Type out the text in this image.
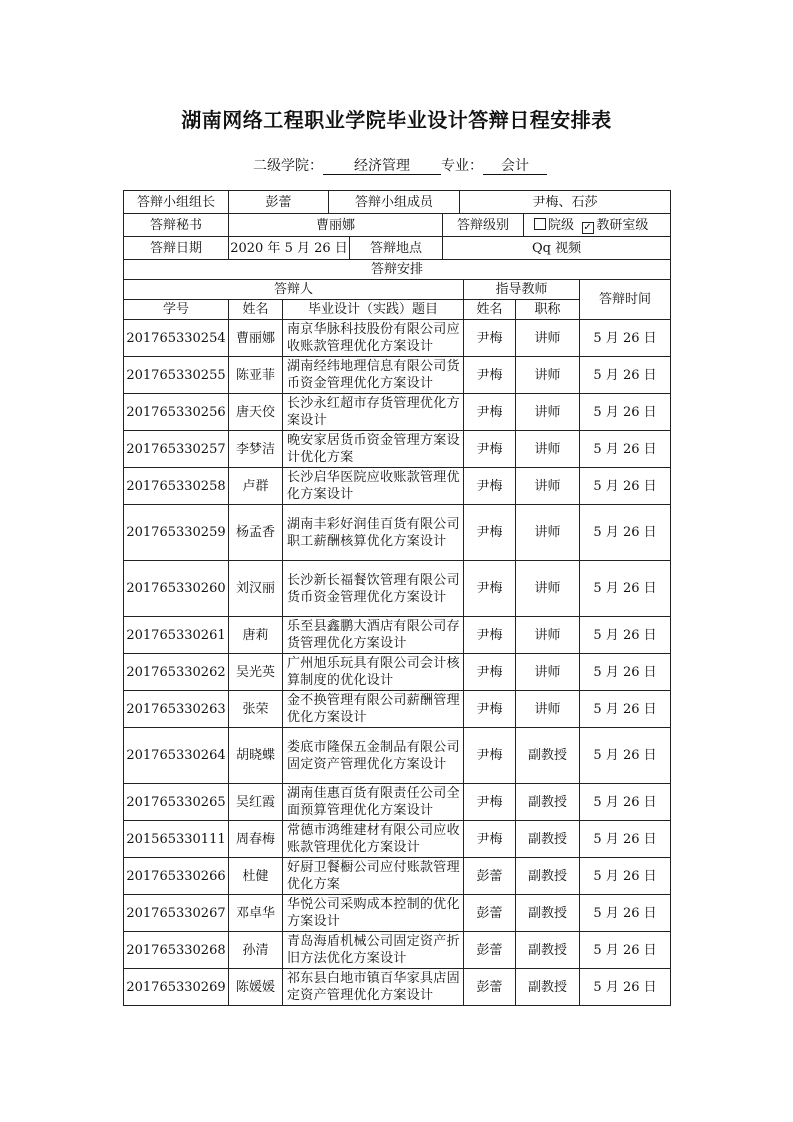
湖南网络工程职业学院毕业设计答辩日程安排表
二级学院： 经济管理 专业： 会计
答辩小组组长	彭蕾	答辩小组成员			尹梅、石莎	
答辩秘书	曹丽娜			答辩级别		院级 ✓ 教研室级
答辩日期	2020 年 5 月 26 日		答辩地点	Qq 视频		
答辩安排					
答辩人			指导教师		答辩时间
学号	姓名	毕业设计（实践）题目	姓名	职称	
201765330254	曹丽娜	南京华脉科技股份有限公司应收账款管理优化方案设计	尹梅	讲师	5 月 26 日
201765330255	陈亚菲	湖南经纬地理信息有限公司货币资金管理优化方案设计	尹梅	讲师	5 月 26 日
201765330256	唐天佼	长沙永红超市存货管理优化方案设计	尹梅	讲师	5 月 26 日
201765330257	李梦洁	晚安家居货币资金管理方案设计优化方案	尹梅	讲师	5 月 26 日
201765330258	卢群	长沙启华医院应收账款管理优化方案设计	尹梅	讲师	5 月 26 日
201765330259	杨孟香	湖南丰彩好润佳百货有限公司职工薪酬核算优化方案设计	尹梅	讲师	5 月 26 日
201765330260	刘汉丽	长沙新长福餐饮管理有限公司货币资金管理优化方案设计	尹梅	讲师	5 月 26 日
201765330261	唐莉	乐至县鑫鹏大酒店有限公司存货管理优化方案设计	尹梅	讲师	5 月 26 日
201765330262	吴光英	广州旭乐玩具有限公司会计核算制度的优化设计	尹梅	讲师	5 月 26 日
201765330263	张荣	金不换管理有限公司薪酬管理优化方案设计	尹梅	讲师	5 月 26 日
201765330264	胡晓蝶	娄底市隆保五金制品有限公司固定资产管理优化方案设计	尹梅	副教授	5 月 26 日
201765330265	吴红霞	湖南佳惠百货有限责任公司全面预算管理优化方案设计	尹梅	副教授	5 月 26 日
201565330111	周春梅	常德市鸿维建材有限公司应收账款管理优化方案设计	尹梅	副教授	5 月 26 日
201765330266	杜健	好厨卫餐橱公司应付账款管理优化方案	彭蕾	副教授	5 月 26 日
201765330267	邓卓华	华悦公司采购成本控制的优化方案设计	彭蕾	副教授	5 月 26 日
201765330268	孙清	青岛海盾机械公司固定资产折旧方法优化方案设计	彭蕾	副教授	5 月 26 日
201765330269	陈媛媛	祁东县白地市镇百华家具店固定资产管理优化方案设计	彭蕾	副教授	5 月 26 日
